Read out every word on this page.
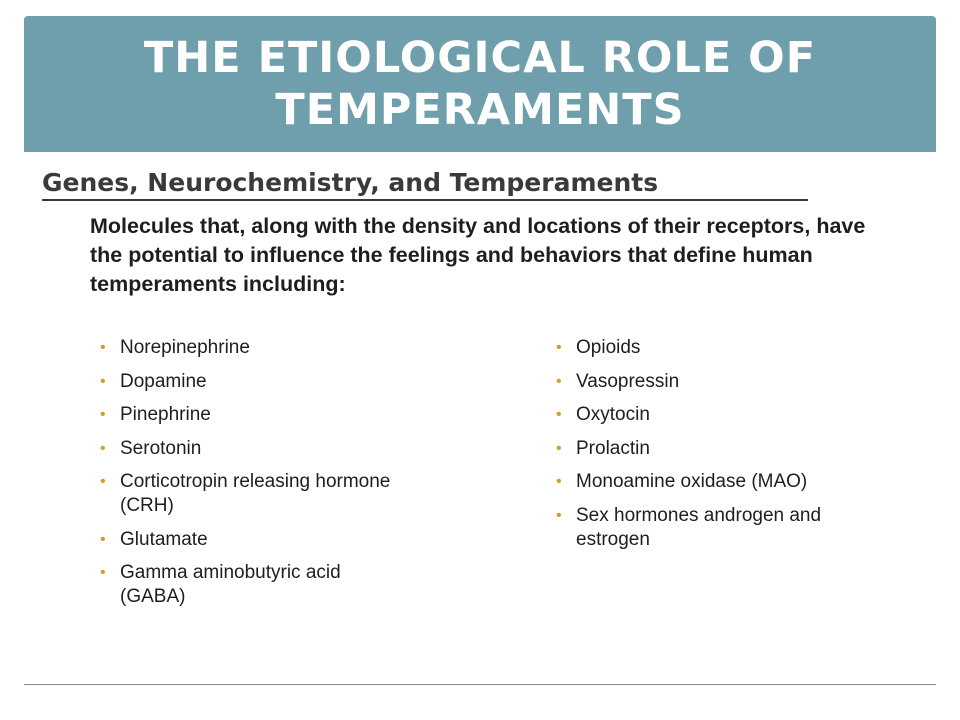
THE ETIOLOGICAL ROLE OF TEMPERAMENTS
Genes, Neurochemistry, and Temperaments

Molecules that, along with the density and locations of their receptors, have the potential to influence the feelings and behaviors that define human temperaments including:

• Norepinephrine
• Dopamine
• Pinephrine
• Serotonin
• Corticotropin releasing hormone (CRH)
• Glutamate
• Gamma aminobutyric acid (GABA)
• Opioids
• Vasopressin
• Oxytocin
• Prolactin
• Monoamine oxidase (MAO)
• Sex hormones androgen and estrogen
